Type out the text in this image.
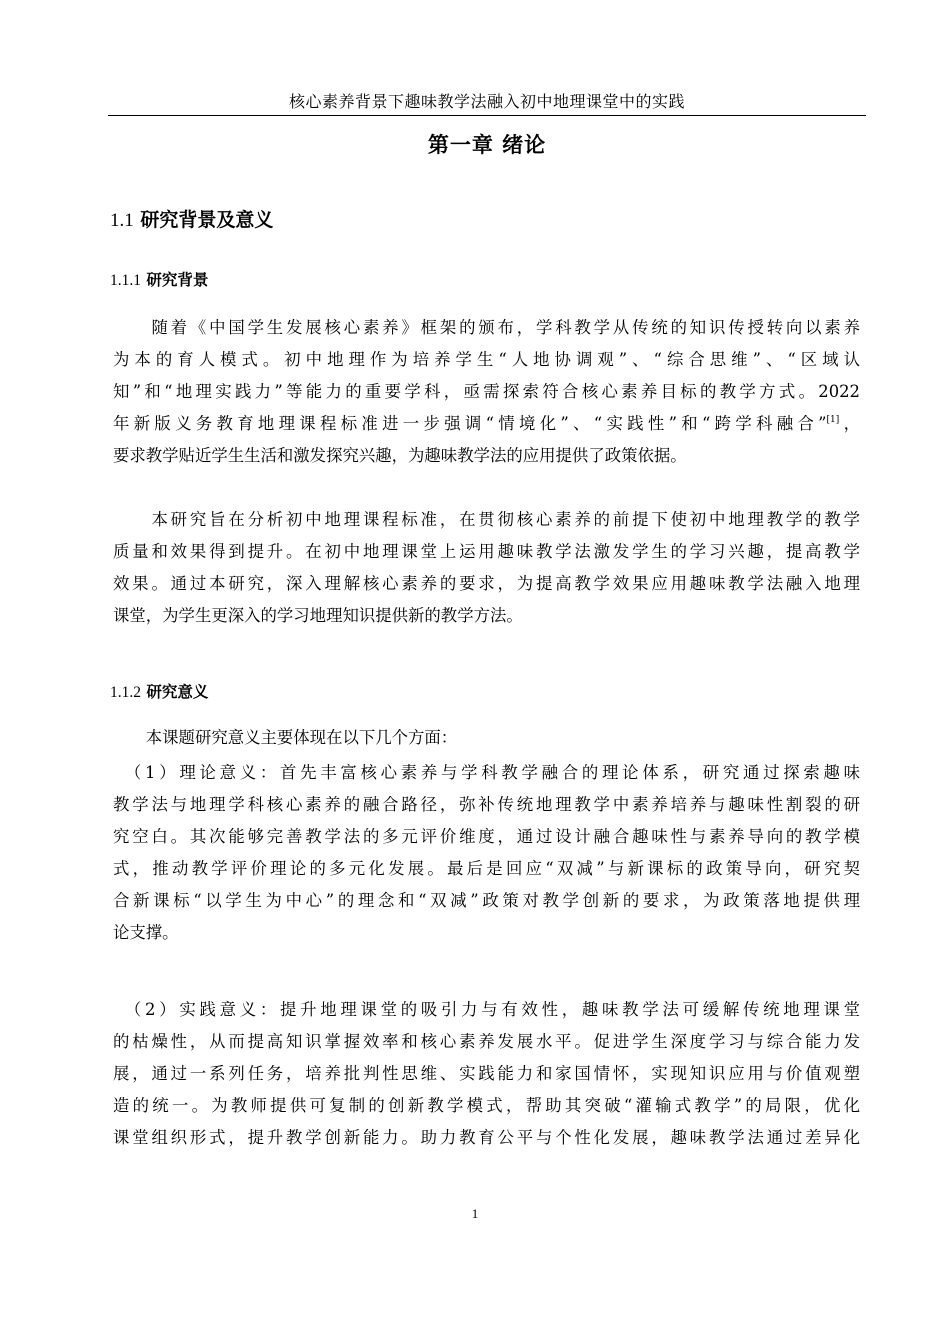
核心素养背景下趣味教学法融入初中地理课堂中的实践
第一章 绪论
1.1 研究背景及意义
1.1.1 研究背景
　　随着《中国学生发展核心素养》框架的颁布，学科教学从传统的知识传授转向以素养
为本的育人模式。初中地理作为培养学生“人地协调观”、“综合思维”、“区域认
知”和“地理实践力”等能力的重要学科，亟需探索符合核心素养目标的教学方式。2022
年新版义务教育地理课程标准进一步强调“情境化”、“实践性”和“跨学科融合”[1]，
要求教学贴近学生生活和激发探究兴趣，为趣味教学法的应用提供了政策依据。
　　本研究旨在分析初中地理课程标准，在贯彻核心素养的前提下使初中地理教学的教学
质量和效果得到提升。在初中地理课堂上运用趣味教学法激发学生的学习兴趣，提高教学
效果。通过本研究，深入理解核心素养的要求，为提高教学效果应用趣味教学法融入地理
课堂，为学生更深入的学习地理知识提供新的教学方法。
1.1.2 研究意义
　　本课题研究意义主要体现在以下几个方面：
　（1）理论意义：首先丰富核心素养与学科教学融合的理论体系，研究通过探索趣味
教学法与地理学科核心素养的融合路径，弥补传统地理教学中素养培养与趣味性割裂的研
究空白。其次能够完善教学法的多元评价维度，通过设计融合趣味性与素养导向的教学模
式，推动教学评价理论的多元化发展。最后是回应“双减”与新课标的政策导向，研究契
合新课标“以学生为中心”的理念和“双减”政策对教学创新的要求，为政策落地提供理
论支撑。
　（2）实践意义：提升地理课堂的吸引力与有效性，趣味教学法可缓解传统地理课堂
的枯燥性，从而提高知识掌握效率和核心素养发展水平。促进学生深度学习与综合能力发
展，通过一系列任务，培养批判性思维、实践能力和家国情怀，实现知识应用与价值观塑
造的统一。为教师提供可复制的创新教学模式，帮助其突破“灌输式教学”的局限，优化
课堂组织形式，提升教学创新能力。助力教育公平与个性化发展，趣味教学法通过差异化
1
